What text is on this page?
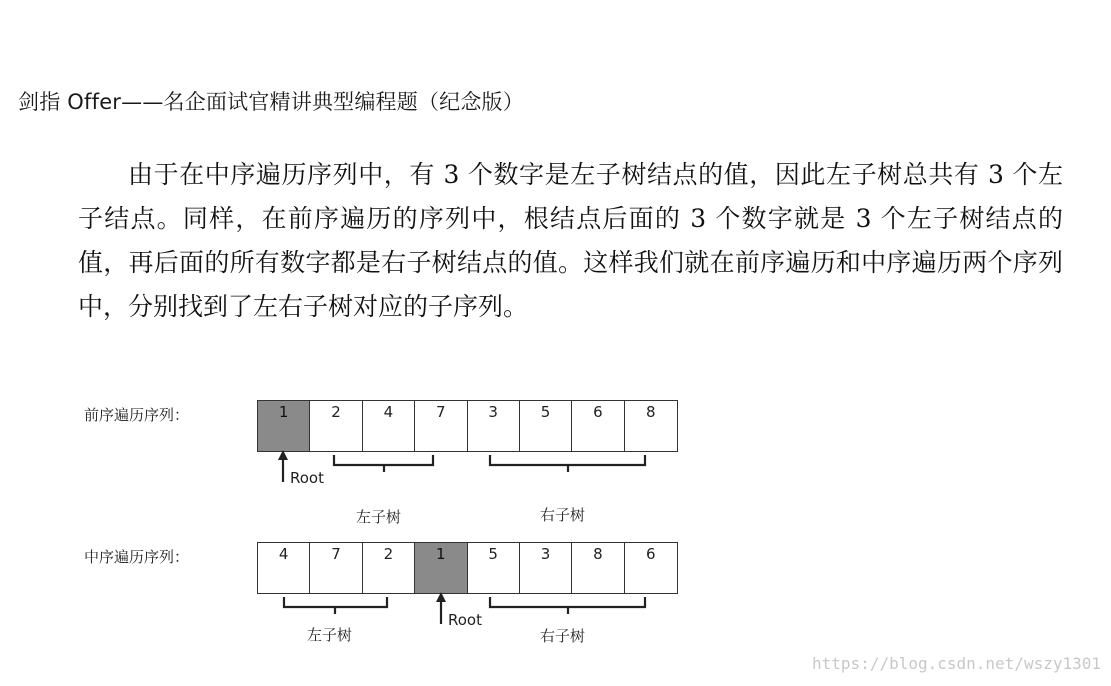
剑指 Offer——名企面试官精讲典型编程题（纪念版）

由于在中序遍历序列中，有 3 个数字是左子树结点的值，因此左子树总共有 3 个左子结点。同样，在前序遍历的序列中，根结点后面的 3 个数字就是 3 个左子树结点的值，再后面的所有数字都是右子树结点的值。这样我们就在前序遍历和中序遍历两个序列中，分别找到了左右子树对应的子序列。

前序遍历序列：	1	2	4	7	3	5	6	8
中序遍历序列：	4	7	2	1	5	3	8	6
Root
左子树	右子树
Root
左子树	右子树
https://blog.csdn.net/wszy1301
